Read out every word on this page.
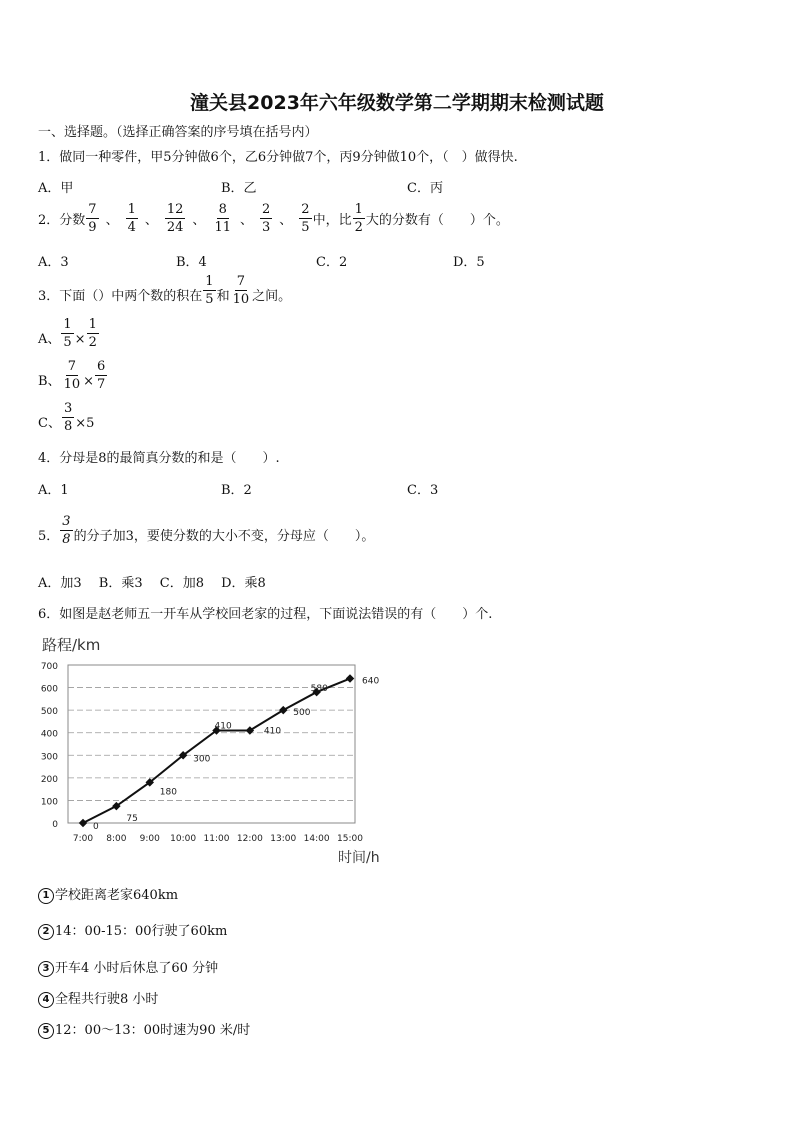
潼关县2023年六年级数学第二学期期末检测试题
一、选择题。（选择正确答案的序号填在括号内）
1．做同一种零件，甲5分钟做6个，乙6分钟做7个，丙9分钟做10个，（　）做得快.
A．甲	B．乙	C．丙
2．分数 $\frac{7}{9}$ 、 $\frac{1}{4}$ 、 $\frac{12}{24}$ 、 $\frac{8}{11}$ 、 $\frac{2}{3}$ 、 $\frac{2}{5}$ 中，比 $\frac{1}{2}$ 大的分数有（　　）个。
A．3	B．4	C．2	D．5
3．下面（）中两个数的积在 $\frac{1}{5}$ 和 $\frac{7}{10}$ 之间。
A、 $\frac{1}{5} \times \frac{1}{2}$
B、 $\frac{7}{10} \times \frac{6}{7}$
C、 $\frac{3}{8} \times 5$
4．分母是8的最简真分数的和是（　　）.
A．1	B．2	C．3
5． $\frac{3}{8}$ 的分子加3，要使分数的大小不变，分母应（　　）。
A．加3　 B．乘3　 C．加8　 D．乘8
6．如图是赵老师五一开车从学校回老家的过程，下面说法错误的有（　　）个.
路程/km
时间/h
0
100
200
300
400
500
600
700
7:00 8:00 9:00 10:00 11:00 12:00 13:00 14:00 15:00
0
75
180
300
410	410
500
580
640
1 学校距离老家640km
2 14：00-15：00行驶了60km
3 开车4 小时后休息了60 分钟
4 全程共行驶8 小时
5 12：00～13：00时速为90 米/时
